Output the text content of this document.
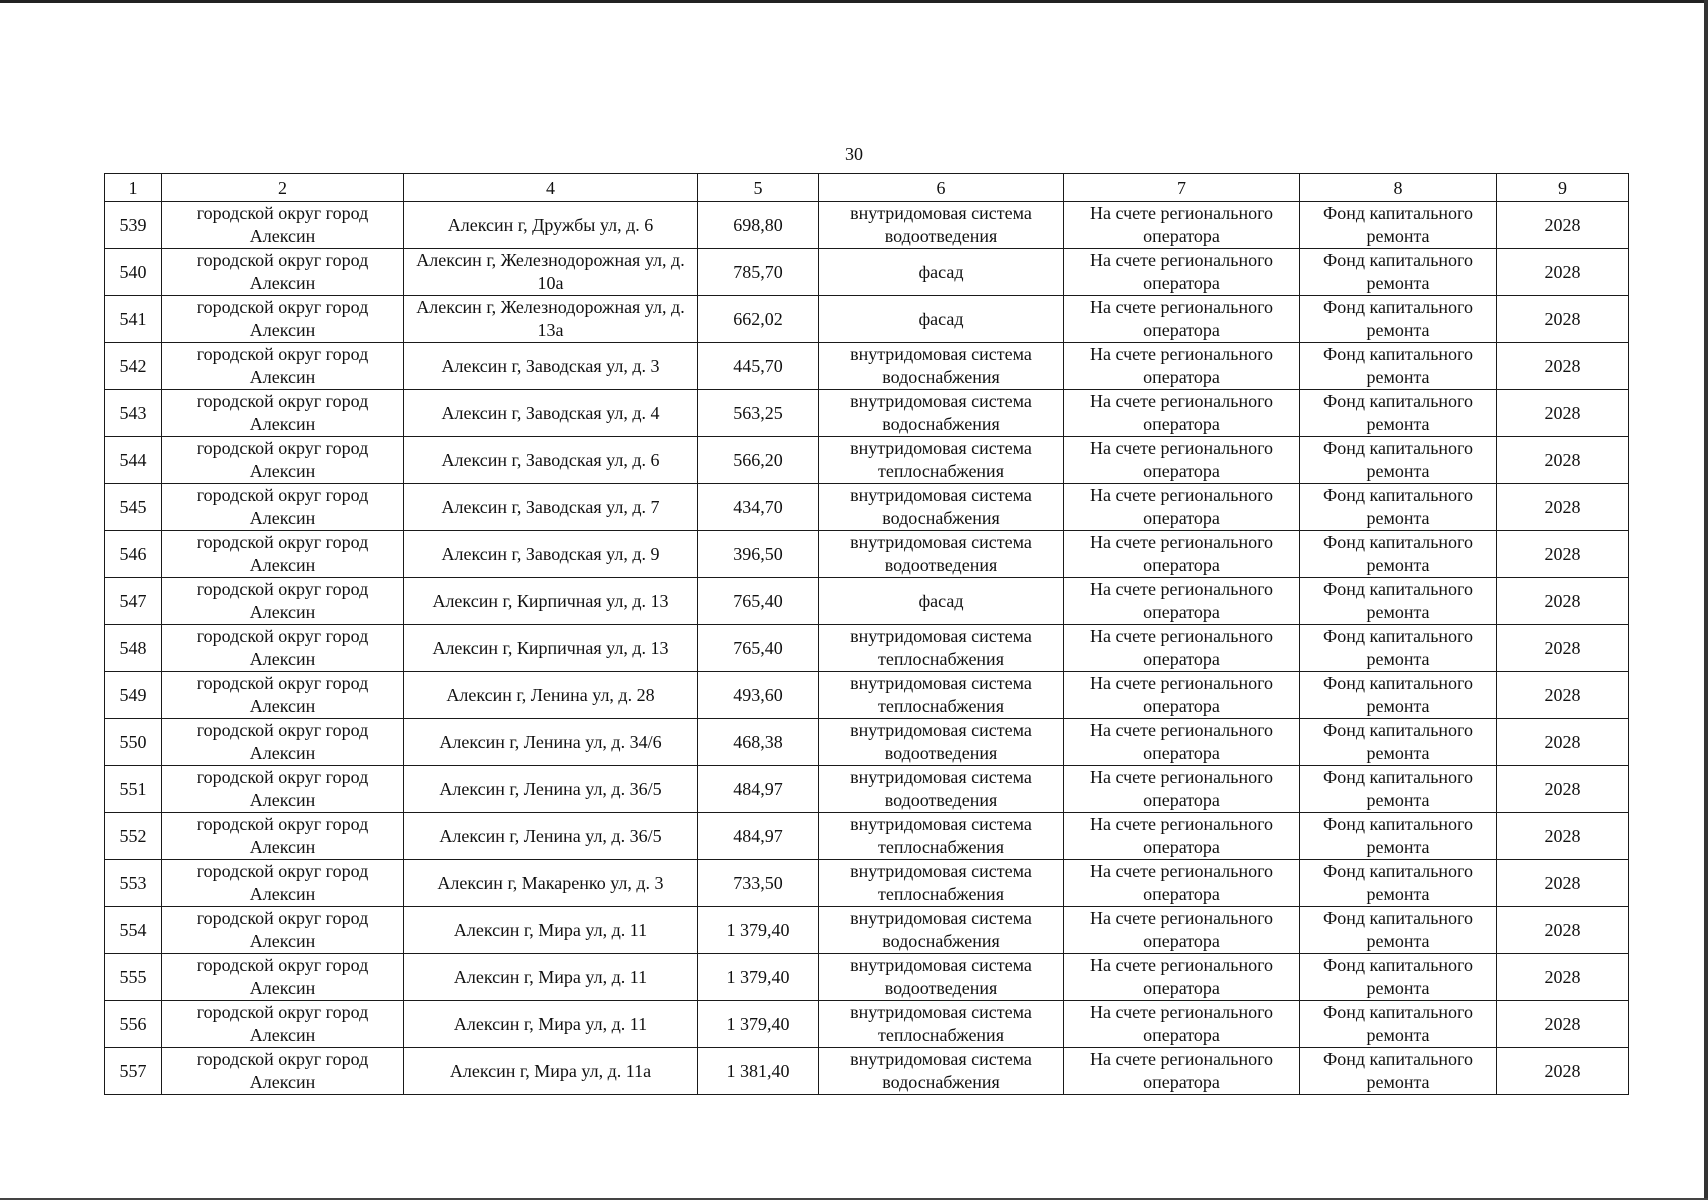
30
1	2	4	5	6	7	8	9
539	городской округ город Алексин	Алексин г, Дружбы ул, д. 6	698,80	внутридомовая система водоотведения	На счете регионального оператора	Фонд капитального ремонта	2028
540	городской округ город Алексин	Алексин г, Железнодорожная ул, д. 10а	785,70	фасад	На счете регионального оператора	Фонд капитального ремонта	2028
541	городской округ город Алексин	Алексин г, Железнодорожная ул, д. 13а	662,02	фасад	На счете регионального оператора	Фонд капитального ремонта	2028
542	городской округ город Алексин	Алексин г, Заводская ул, д. 3	445,70	внутридомовая система водоснабжения	На счете регионального оператора	Фонд капитального ремонта	2028
543	городской округ город Алексин	Алексин г, Заводская ул, д. 4	563,25	внутридомовая система водоснабжения	На счете регионального оператора	Фонд капитального ремонта	2028
544	городской округ город Алексин	Алексин г, Заводская ул, д. 6	566,20	внутридомовая система теплоснабжения	На счете регионального оператора	Фонд капитального ремонта	2028
545	городской округ город Алексин	Алексин г, Заводская ул, д. 7	434,70	внутридомовая система водоснабжения	На счете регионального оператора	Фонд капитального ремонта	2028
546	городской округ город Алексин	Алексин г, Заводская ул, д. 9	396,50	внутридомовая система водоотведения	На счете регионального оператора	Фонд капитального ремонта	2028
547	городской округ город Алексин	Алексин г, Кирпичная ул, д. 13	765,40	фасад	На счете регионального оператора	Фонд капитального ремонта	2028
548	городской округ город Алексин	Алексин г, Кирпичная ул, д. 13	765,40	внутридомовая система теплоснабжения	На счете регионального оператора	Фонд капитального ремонта	2028
549	городской округ город Алексин	Алексин г, Ленина ул, д. 28	493,60	внутридомовая система теплоснабжения	На счете регионального оператора	Фонд капитального ремонта	2028
550	городской округ город Алексин	Алексин г, Ленина ул, д. 34/6	468,38	внутридомовая система водоотведения	На счете регионального оператора	Фонд капитального ремонта	2028
551	городской округ город Алексин	Алексин г, Ленина ул, д. 36/5	484,97	внутридомовая система водоотведения	На счете регионального оператора	Фонд капитального ремонта	2028
552	городской округ город Алексин	Алексин г, Ленина ул, д. 36/5	484,97	внутридомовая система теплоснабжения	На счете регионального оператора	Фонд капитального ремонта	2028
553	городской округ город Алексин	Алексин г, Макаренко ул, д. 3	733,50	внутридомовая система теплоснабжения	На счете регионального оператора	Фонд капитального ремонта	2028
554	городской округ город Алексин	Алексин г, Мира ул, д. 11	1 379,40	внутридомовая система водоснабжения	На счете регионального оператора	Фонд капитального ремонта	2028
555	городской округ город Алексин	Алексин г, Мира ул, д. 11	1 379,40	внутридомовая система водоотведения	На счете регионального оператора	Фонд капитального ремонта	2028
556	городской округ город Алексин	Алексин г, Мира ул, д. 11	1 379,40	внутридомовая система теплоснабжения	На счете регионального оператора	Фонд капитального ремонта	2028
557	городской округ город Алексин	Алексин г, Мира ул, д. 11а	1 381,40	внутридомовая система водоснабжения	На счете регионального оператора	Фонд капитального ремонта	2028
